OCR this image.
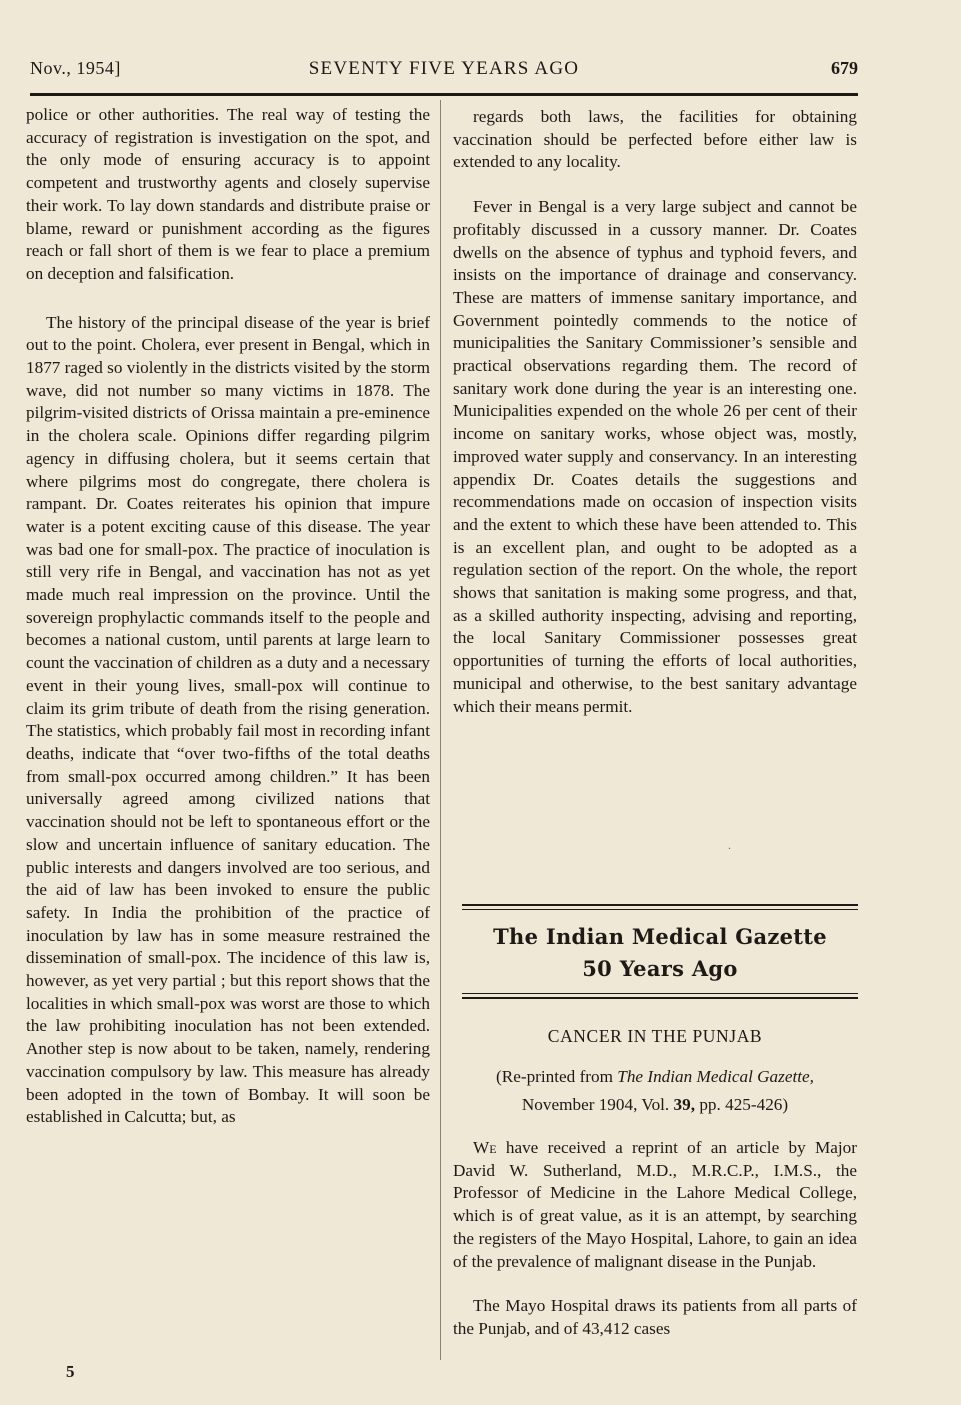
Nov., 1954]	SEVENTY FIVE YEARS AGO	679

police or other authorities. The real way of testing the accuracy of registration is investigation on the spot, and the only mode of ensuring accuracy is to appoint competent and trustworthy agents and closely supervise their work. To lay down standards and distribute praise or blame, reward or punishment according as the figures reach or fall short of them is we fear to place a premium on deception and falsification.

The history of the principal disease of the year is brief out to the point. Cholera, ever present in Bengal, which in 1877 raged so violently in the districts visited by the storm wave, did not number so many victims in 1878. The pilgrim-visited districts of Orissa maintain a pre-eminence in the cholera scale. Opinions differ regarding pilgrim agency in diffusing cholera, but it seems certain that where pilgrims most do congregate, there cholera is rampant. Dr. Coates reiterates his opinion that impure water is a potent exciting cause of this disease. The year was bad one for small-pox. The practice of inoculation is still very rife in Bengal, and vaccination has not as yet made much real impression on the province. Until the sovereign prophylactic commands itself to the people and becomes a national custom, until parents at large learn to count the vaccination of children as a duty and a necessary event in their young lives, small-pox will continue to claim its grim tribute of death from the rising generation. The statistics, which probably fail most in recording infant deaths, indicate that “over two-fifths of the total deaths from small-pox occurred among children.” It has been universally agreed among civilized nations that vaccination should not be left to spontaneous effort or the slow and uncertain influence of sanitary education. The public interests and dangers involved are too serious, and the aid of law has been invoked to ensure the public safety. In India the prohibition of the practice of inoculation by law has in some measure restrained the dissemination of small-pox. The incidence of this law is, however, as yet very partial ; but this report shows that the localities in which small-pox was worst are those to which the law prohibiting inoculation has not been extended. Another step is now about to be taken, namely, rendering vaccination compulsory by law. This measure has already been adopted in the town of Bombay. It will soon be established in Calcutta; but, as

regards both laws, the facilities for obtaining vaccination should be perfected before either law is extended to any locality.

Fever in Bengal is a very large subject and cannot be profitably discussed in a cussory manner. Dr. Coates dwells on the absence of typhus and typhoid fevers, and insists on the importance of drainage and conservancy. These are matters of immense sanitary importance, and Government pointedly commends to the notice of municipalities the Sanitary Commissioner’s sensible and practical observations regarding them. The record of sanitary work done during the year is an interesting one. Municipalities expended on the whole 26 per cent of their income on sanitary works, whose object was, mostly, improved water supply and conservancy. In an interesting appendix Dr. Coates details the suggestions and recommendations made on occasion of inspection visits and the extent to which these have been attended to. This is an excellent plan, and ought to be adopted as a regulation section of the report. On the whole, the report shows that sanitation is making some progress, and that, as a skilled authority inspecting, advising and reporting, the local Sanitary Commissioner possesses great opportunities of turning the efforts of local authorities, municipal and otherwise, to the best sanitary advantage which their means permit.

.
The Indian Medical Gazette
50 Years Ago
CANCER IN THE PUNJAB
(Re-printed from The Indian Medical Gazette,
November 1904, Vol. 39, pp. 425-426)

We have received a reprint of an article by Major David W. Sutherland, M.D., M.R.C.P., I.M.S., the Professor of Medicine in the Lahore Medical College, which is of great value, as it is an attempt, by searching the registers of the Mayo Hospital, Lahore, to gain an idea of the prevalence of malignant disease in the Punjab.

The Mayo Hospital draws its patients from all parts of the Punjab, and of 43,412 cases

5
